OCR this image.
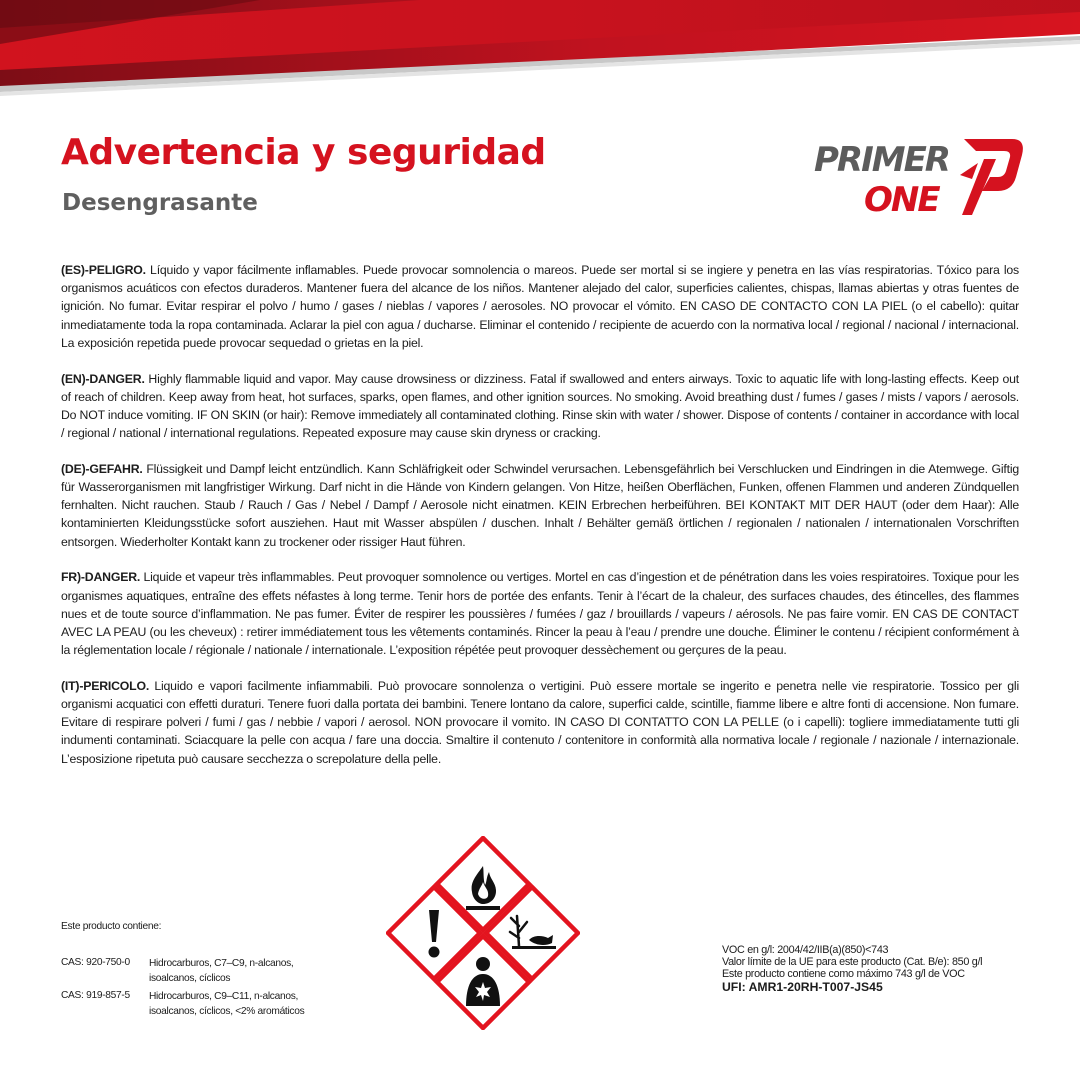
Advertencia y seguridad
Desengrasante
PRIMER
ONE

(ES)-PELIGRO. Líquido y vapor fácilmente inflamables. Puede provocar somnolencia o mareos. Puede ser mortal si se ingiere y penetra en las vías respiratorias. Tóxico para los organismos acuáticos con efectos duraderos. Mantener fuera del alcance de los niños. Mantener alejado del calor, superficies calientes, chispas, llamas abiertas y otras fuentes de ignición. No fumar. Evitar respirar el polvo / humo / gases / nieblas / vapores / aerosoles. NO provocar el vómito. EN CASO DE CONTACTO CON LA PIEL (o el cabello): quitar inmediatamente toda la ropa contaminada. Aclarar la piel con agua / ducharse. Eliminar el contenido / recipiente de acuerdo con la normativa local / regional / nacional / internacional. La exposición repetida puede provocar sequedad o grietas en la piel.

(EN)-DANGER. Highly flammable liquid and vapor. May cause drowsiness or dizziness. Fatal if swallowed and enters airways. Toxic to aquatic life with long-lasting effects. Keep out of reach of children. Keep away from heat, hot surfaces, sparks, open flames, and other ignition sources. No smoking. Avoid breathing dust / fumes / gases / mists / vapors / aerosols. Do NOT induce vomiting. IF ON SKIN (or hair): Remove immediately all contaminated clothing. Rinse skin with water / shower. Dispose of contents / container in accordance with local / regional / national / international regulations. Repeated exposure may cause skin dryness or cracking.

(DE)-GEFAHR. Flüssigkeit und Dampf leicht entzündlich. Kann Schläfrigkeit oder Schwindel verursachen. Lebensgefährlich bei Verschlucken und Eindringen in die Atemwege. Giftig für Wasserorganismen mit langfristiger Wirkung. Darf nicht in die Hände von Kindern gelangen. Von Hitze, heißen Oberflächen, Funken, offenen Flammen und anderen Zündquellen fernhalten. Nicht rauchen. Staub / Rauch / Gas / Nebel / Dampf / Aerosole nicht einatmen. KEIN Erbrechen herbeiführen. BEI KONTAKT MIT DER HAUT (oder dem Haar): Alle kontaminierten Kleidungsstücke sofort ausziehen. Haut mit Wasser abspülen / duschen. Inhalt / Behälter gemäß örtlichen / regionalen / nationalen / internationalen Vorschriften entsorgen. Wiederholter Kontakt kann zu trockener oder rissiger Haut führen.

FR)-DANGER. Liquide et vapeur très inflammables. Peut provoquer somnolence ou vertiges. Mortel en cas d’ingestion et de pénétration dans les voies respiratoires. Toxique pour les organismes aquatiques, entraîne des effets néfastes à long terme. Tenir hors de portée des enfants. Tenir à l’écart de la chaleur, des surfaces chaudes, des étincelles, des flammes nues et de toute source d’inflammation. Ne pas fumer. Éviter de respirer les poussières / fumées / gaz / brouillards / vapeurs / aérosols. Ne pas faire vomir. EN CAS DE CONTACT AVEC LA PEAU (ou les cheveux) : retirer immédiatement tous les vêtements contaminés. Rincer la peau à l’eau / prendre une douche. Éliminer le contenu / récipient conformément à la réglementation locale / régionale / nationale / internationale. L’exposition répétée peut provoquer dessèchement ou gerçures de la peau.

(IT)-PERICOLO. Liquido e vapori facilmente infiammabili. Può provocare sonnolenza o vertigini. Può essere mortale se ingerito e penetra nelle vie respiratorie. Tossico per gli organismi acquatici con effetti duraturi. Tenere fuori dalla portata dei bambini. Tenere lontano da calore, superfici calde, scintille, fiamme libere e altre fonti di accensione. Non fumare. Evitare di respirare polveri / fumi / gas / nebbie / vapori / aerosol. NON provocare il vomito. IN CASO DI CONTATTO CON LA PELLE (o i capelli): togliere immediatamente tutti gli indumenti contaminati. Sciacquare la pelle con acqua / fare una doccia. Smaltire il contenuto / contenitore in conformità alla normativa locale / regionale / nazionale / internazionale. L’esposizione ripetuta può causare secchezza o screpolature della pelle.

Este producto contiene:

CAS: 920-750-0	Hidrocarburos, C7–C9, n-alcanos, isoalcanos, cíclicos
CAS: 919-857-5	Hidrocarburos, C9–C11, n-alcanos, isoalcanos, cíclicos, <2% aromáticos
VOC en g/l: 2004/42/IIB(a)(850)<743
Valor límite de la UE para este producto (Cat. B/e): 850 g/l
Este producto contiene como máximo 743 g/l de VOC
UFI: AMR1-20RH-T007-JS45
